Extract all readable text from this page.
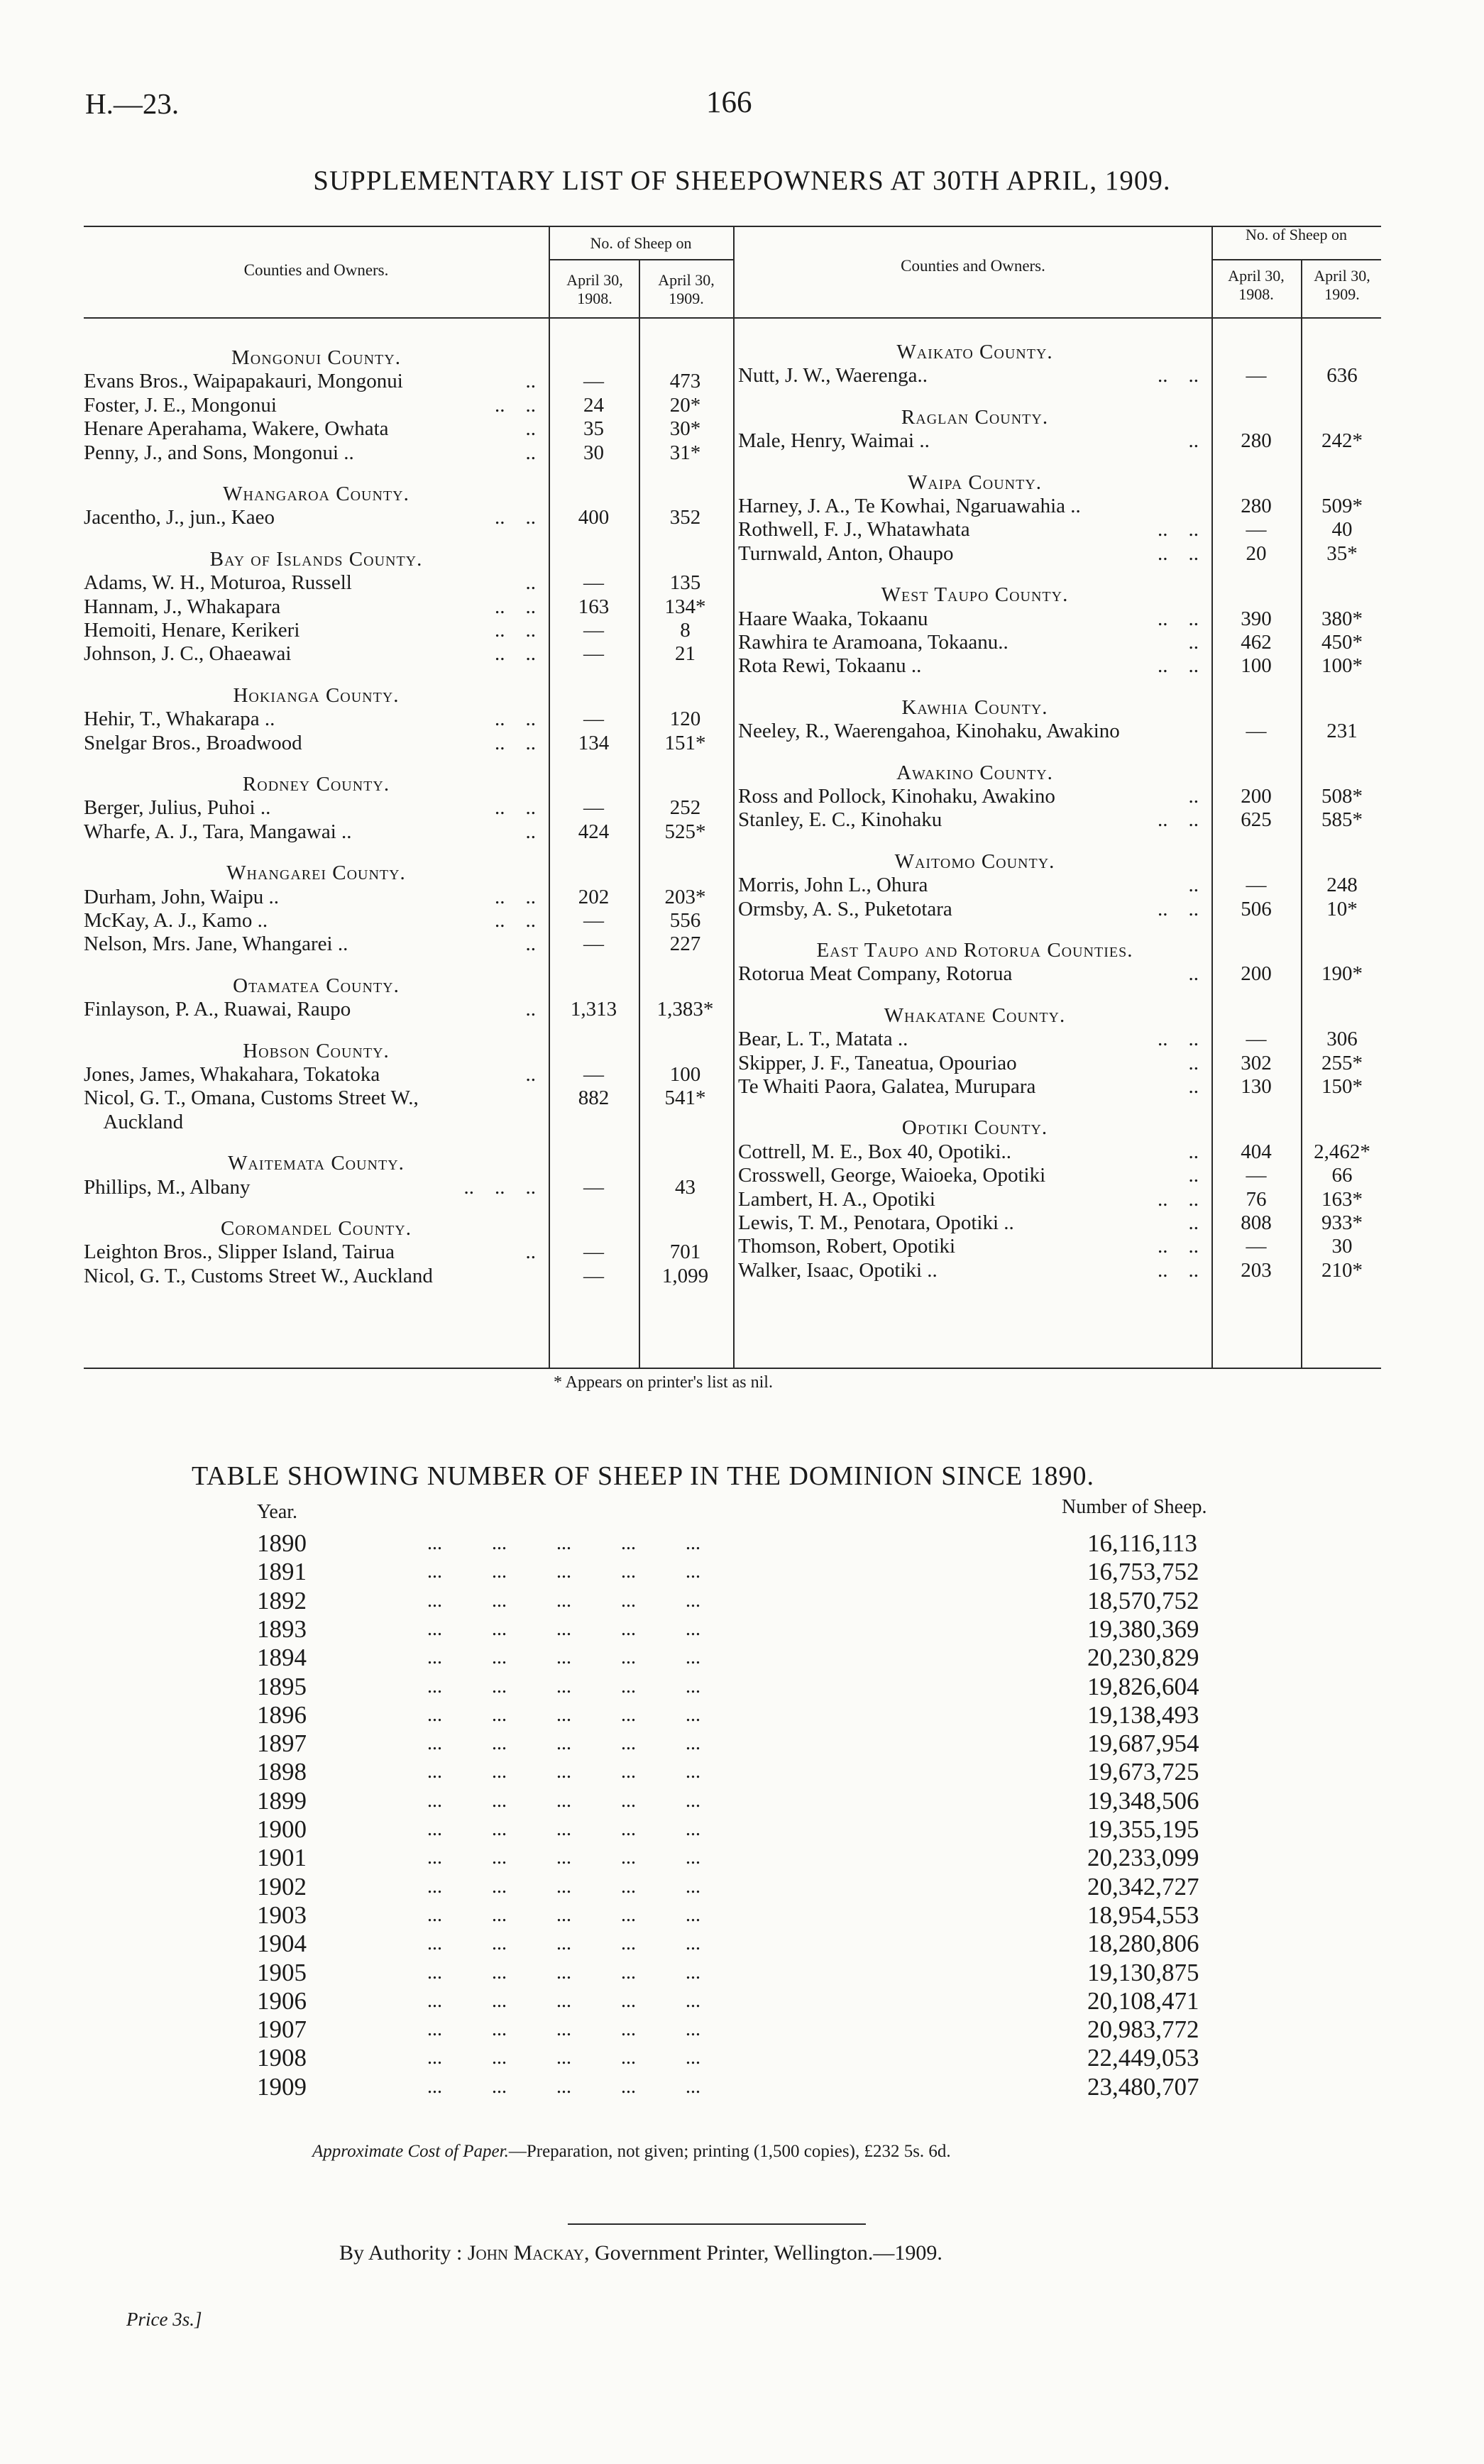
H.—23.	166
SUPPLEMENTARY LIST OF SHEEPOWNERS AT 30TH APRIL, 1909.
Counties and Owners.
No. of Sheep on
April 30, 1908.
April 30, 1909.
Counties and Owners.
No. of Sheep on
April 30, 1908.
April 30, 1909.
Mongonui County.
Evans Bros., Waipapakauri, Mongonui	..	—	473
Foster, J. E., Mongonui	..    ..	24	20*
Henare Aperahama, Wakere, Owhata	..	35	30*
Penny, J., and Sons, Mongonui ..	..	30	31*
Whangaroa County.
Jacentho, J., jun., Kaeo	..    ..	400	352
Bay of Islands County.
Adams, W. H., Moturoa, Russell	..	—	135
Hannam, J., Whakapara	..    ..	163	134*
Hemoiti, Henare, Kerikeri	..    ..	—	8
Johnson, J. C., Ohaeawai	..    ..	—	21
Hokianga County.
Hehir, T., Whakarapa ..	..    ..	—	120
Snelgar Bros., Broadwood	..    ..	134	151*
Rodney County.
Berger, Julius, Puhoi ..	..    ..	—	252
Wharfe, A. J., Tara, Mangawai ..	..	424	525*
Whangarei County.
Durham, John, Waipu ..	..    ..	202	203*
McKay, A. J., Kamo ..	..    ..	—	556
Nelson, Mrs. Jane, Whangarei ..	..	—	227
Otamatea County.
Finlayson, P. A., Ruawai, Raupo	..	1,313	1,383*
Hobson County.
Jones, James, Whakahara, Tokatoka	..	—	100
Nicol, G. T., Omana, Customs Street W.,	882	541*
Auckland
Waitemata County.
Phillips, M., Albany	..    ..    ..	—	43
Coromandel County.
Leighton Bros., Slipper Island, Tairua	..	—	701
Nicol, G. T., Customs Street W., Auckland	—	1,099
Waikato County.
Nutt, J. W., Waerenga..	..    ..	—	636
Raglan County.
Male, Henry, Waimai ..	..	280	242*
Waipa County.
Harney, J. A., Te Kowhai, Ngaruawahia ..	280	509*
Rothwell, F. J., Whatawhata	..    ..	—	40
Turnwald, Anton, Ohaupo	..    ..	20	35*
West Taupo County.
Haare Waaka, Tokaanu	..    ..	390	380*
Rawhira te Aramoana, Tokaanu..	..	462	450*
Rota Rewi, Tokaanu ..	..    ..	100	100*
Kawhia County.
Neeley, R., Waerengahoa, Kinohaku, Awakino	—	231
Awakino County.
Ross and Pollock, Kinohaku, Awakino	..	200	508*
Stanley, E. C., Kinohaku	..    ..	625	585*
Waitomo County.
Morris, John L., Ohura	..	—	248
Ormsby, A. S., Puketotara	..    ..	506	10*
East Taupo and Rotorua Counties.
Rotorua Meat Company, Rotorua	..	200	190*
Whakatane County.
Bear, L. T., Matata ..	..    ..	—	306
Skipper, J. F., Taneatua, Opouriao	..	302	255*
Te Whaiti Paora, Galatea, Murupara	..	130	150*
Opotiki County.
Cottrell, M. E., Box 40, Opotiki..	..	404	2,462*
Crosswell, George, Waioeka, Opotiki	..	—	66
Lambert, H. A., Opotiki	..    ..	76	163*
Lewis, T. M., Penotara, Opotiki ..	..	808	933*
Thomson, Robert, Opotiki	..    ..	—	30
Walker, Isaac, Opotiki ..	..    ..	203	210*
* Appears on printer's list as nil.
TABLE SHOWING NUMBER OF SHEEP IN THE DOMINION SINCE 1890.
Year.	Number of Sheep.
1890	...          ...          ...          ...          ...	16,116,113
1891	...          ...          ...          ...          ...	16,753,752
1892	...          ...          ...          ...          ...	18,570,752
1893	...          ...          ...          ...          ...	19,380,369
1894	...          ...          ...          ...          ...	20,230,829
1895	...          ...          ...          ...          ...	19,826,604
1896	...          ...          ...          ...          ...	19,138,493
1897	...          ...          ...          ...          ...	19,687,954
1898	...          ...          ...          ...          ...	19,673,725
1899	...          ...          ...          ...          ...	19,348,506
1900	...          ...          ...          ...          ...	19,355,195
1901	...          ...          ...          ...          ...	20,233,099
1902	...          ...          ...          ...          ...	20,342,727
1903	...          ...          ...          ...          ...	18,954,553
1904	...          ...          ...          ...          ...	18,280,806
1905	...          ...          ...          ...          ...	19,130,875
1906	...          ...          ...          ...          ...	20,108,471
1907	...          ...          ...          ...          ...	20,983,772
1908	...          ...          ...          ...          ...	22,449,053
1909	...          ...          ...          ...          ...	23,480,707
Approximate Cost of Paper.—Preparation, not given; printing (1,500 copies), £232 5s. 6d.
By Authority : John Mackay, Government Printer, Wellington.—1909.
Price 3s.]
